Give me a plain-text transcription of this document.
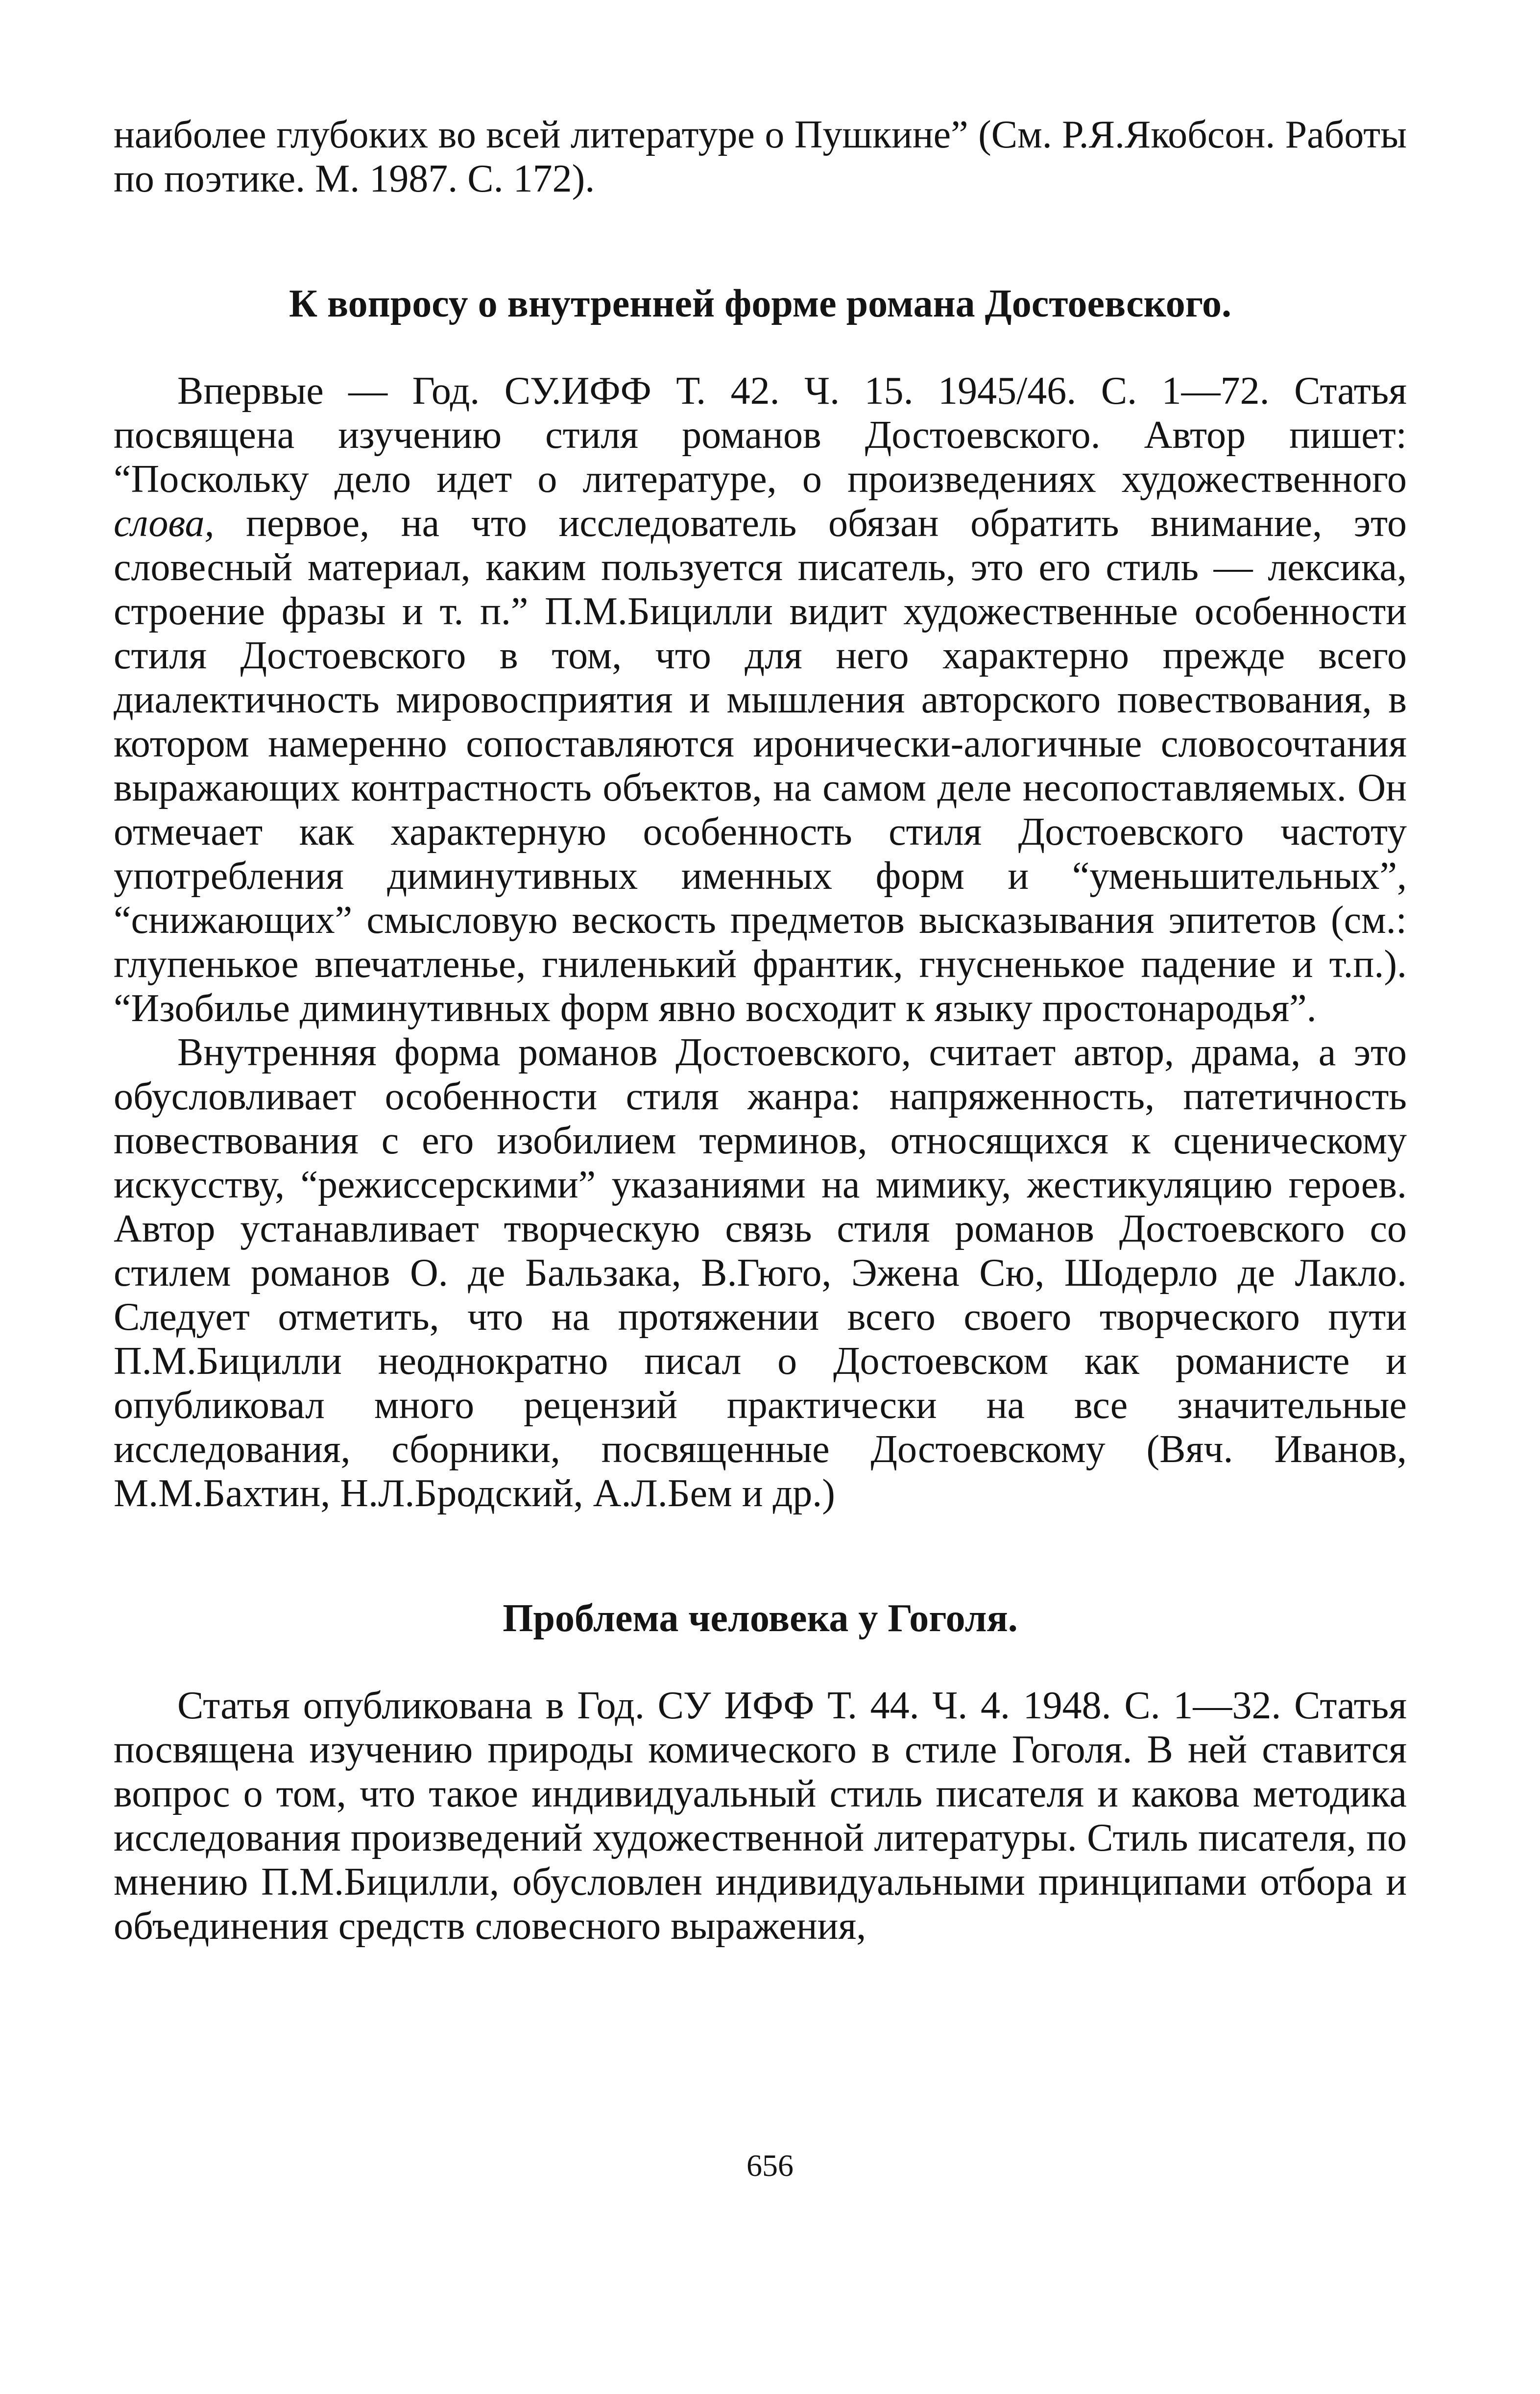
наиболее глубоких во всей литературе о Пушкине” (См. Р.Я.Якобсон. Работы по поэтике. М. 1987. С. 172).

К вопросу о внутренней форме романа Достоевского.

Впервые — Год. СУ.ИФФ Т. 42. Ч. 15. 1945/46. С. 1—72. Статья посвящена изучению стиля романов Достоевского. Автор пишет: “Поскольку дело идет о литературе, о произведениях художественного слова, первое, на что исследователь обязан обратить внимание, это словесный материал, каким пользуется писатель, это его стиль — лексика, строение фразы и т. п.” П.М.Бицилли видит художественные особенности стиля Достоевского в том, что для него характерно прежде всего диалектичность мировосприятия и мышления авторского повествования, в котором намеренно сопоставляются иронически-алогичные словосочтания выражающих контрастность объектов, на самом деле несопоставляемых. Он отмечает как характерную особенность стиля Достоевского частоту употребления диминутивных именных форм и “уменьшительных”, “снижающих” смысловую вескость предметов высказывания эпитетов (см.: глупенькое впечатленье, гниленький франтик, гнусненькое падение и т.п.). “Изобилье диминутивных форм явно восходит к языку простонародья”.

Внутренняя форма романов Достоевского, считает автор, драма, а это обусловливает особенности стиля жанра: напряженность, патетичность повествования с его изобилием терминов, относящихся к сценическому искусству, “режиссерскими” указаниями на мимику, жестикуляцию героев. Автор устанавливает творческую связь стиля романов Достоевского со стилем романов О. де Бальзака, В.Гюго, Эжена Сю, Шодерло де Лакло. Следует отметить, что на протяжении всего своего творческого пути П.М.Бицилли неоднократно писал о Достоевском как романисте и опубликовал много рецензий практически на все значительные исследования, сборники, посвященные Достоевскому (Вяч. Иванов, М.М.Бахтин, Н.Л.Бродский, А.Л.Бем и др.)

Проблема человека у Гоголя.

Статья опубликована в Год. СУ ИФФ Т. 44. Ч. 4. 1948. С. 1—32. Статья посвящена изучению природы комического в стиле Гоголя. В ней ставится вопрос о том, что такое индивидуальный стиль писателя и какова методика исследования произведений художественной литературы. Стиль писателя, по мнению П.М.Бицилли, обусловлен индивидуальными принципами отбора и объединения средств словесного выражения,

656
